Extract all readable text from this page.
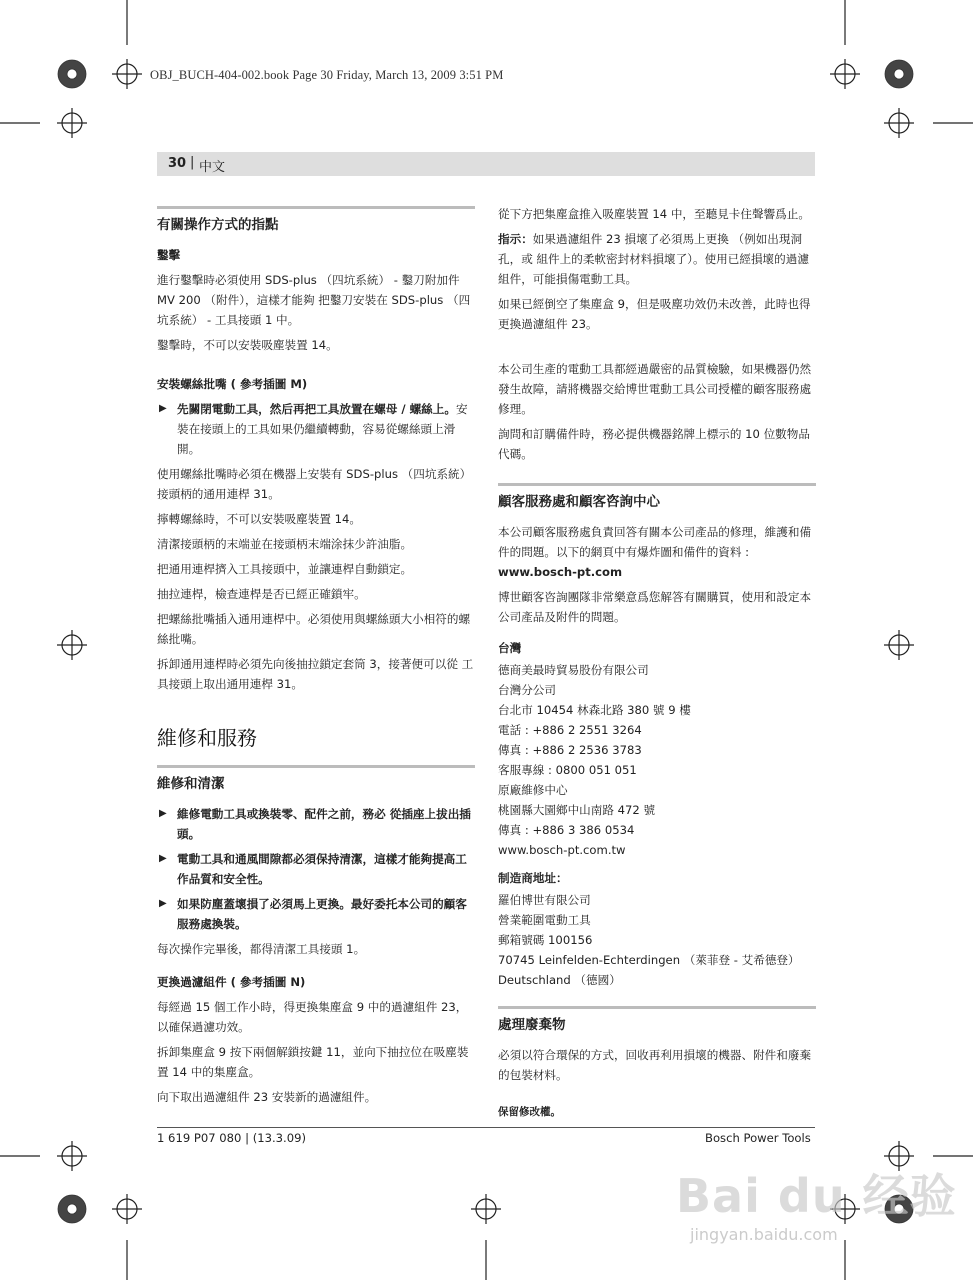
OBJ_BUCH-404-002.book Page 30 Friday, March 13, 2009 3:51 PM
30 | 中文
有關操作方式的指點
鑿擊

進行鑿擊時必須使用 SDS-plus （四坑系統） - 鑿刀附加件 MV 200 （附件），這樣才能夠 把鑿刀安裝在 SDS-plus （四坑系統） - 工具接頭 1 中。

鑿擊時，不可以安裝吸塵裝置 14。

安裝螺絲批嘴 ( 參考插圖 M)
▶ 先關閉電動工具，然后再把工具放置在螺母 / 螺絲上。安裝在接頭上的工具如果仍繼續轉動，容易從螺絲頭上滑開。

使用螺絲批嘴時必須在機器上安裝有 SDS-plus （四坑系統）接頭柄的通用連桿 31。

擰轉螺絲時，不可以安裝吸塵裝置 14。

清潔接頭柄的末端並在接頭柄末端涂抹少許油脂。

把通用連桿擠入工具接頭中，並讓連桿自動鎖定。

抽拉連桿，檢查連桿是否已經正確鎖牢。

把螺絲批嘴插入通用連桿中。必須使用與螺絲頭大小相符的螺絲批嘴。

拆卸通用連桿時必須先向後抽拉鎖定套筒 3，接著便可以從 工具接頭上取出通用連桿 31。

維修和服務
維修和清潔
▶ 維修電動工具或換裝零、配件之前，務必 從插座上拔出插頭。
▶ 電動工具和通風間隙都必須保持清潔，這樣才能夠提高工作品質和安全性。
▶ 如果防塵蓋壞損了必須馬上更換。最好委托本公司的顧客服務處換裝。

每次操作完畢後，都得清潔工具接頭 1。

更換過濾組件 ( 參考插圖 N)

每經過 15 個工作小時，得更換集塵盒 9 中的過濾組件 23，以確保過濾功效。

拆卸集塵盒 9 按下兩個解鎖按鍵 11，並向下抽拉位在吸塵裝置 14 中的集塵盒。

向下取出過濾組件 23 安裝新的過濾組件。

從下方把集塵盒推入吸塵裝置 14 中，至聽見卡住聲響爲止。

指示：如果過濾組件 23 損壞了必須馬上更換 （例如出現洞孔，或 組件上的柔軟密封材料損壞了）。使用已經損壞的過濾組件，可能損傷電動工具。

如果已經倒空了集塵盒 9，但是吸塵功效仍未改善，此時也得 更換過濾組件 23。

本公司生產的電動工具都經過嚴密的品質檢驗，如果機器仍然發生故障，請將機器交給博世電動工具公司授權的顧客服務處修理。

詢問和訂購備件時，務必提供機器銘牌上標示的 10 位數物品代碼。

顧客服務處和顧客咨詢中心

本公司顧客服務處負責回答有關本公司產品的修理，維護和備件的問題。以下的網頁中有爆炸圖和備件的資料 :

www.bosch-pt.com

博世顧客咨詢團隊非常樂意爲您解答有關購買，使用和設定本公司產品及附件的問題。

台灣

德商美最時貿易股份有限公司

台灣分公司

台北市 10454 林森北路 380 號 9 樓

電話 : +886 2 2551 3264

傳真 : +886 2 2536 3783

客服專線 : 0800 051 051

原廠維修中心

桃園縣大園鄉中山南路 472 號

傳真 : +886 3 386 0534

www.bosch-pt.com.tw

制造商地址：

羅伯博世有限公司

營業範圍電動工具

郵箱號碼 100156

70745 Leinfelden-Echterdingen （萊菲登 - 艾希德登）

Deutschland （德國）

處理廢棄物

必須以符合環保的方式，回收再利用損壞的機器、附件和廢棄的包裝材料。

保留修改權。

1 619 P07 080 | (13.3.09)	Bosch Power Tools
Bai du 经验
jingyan.baidu.com
